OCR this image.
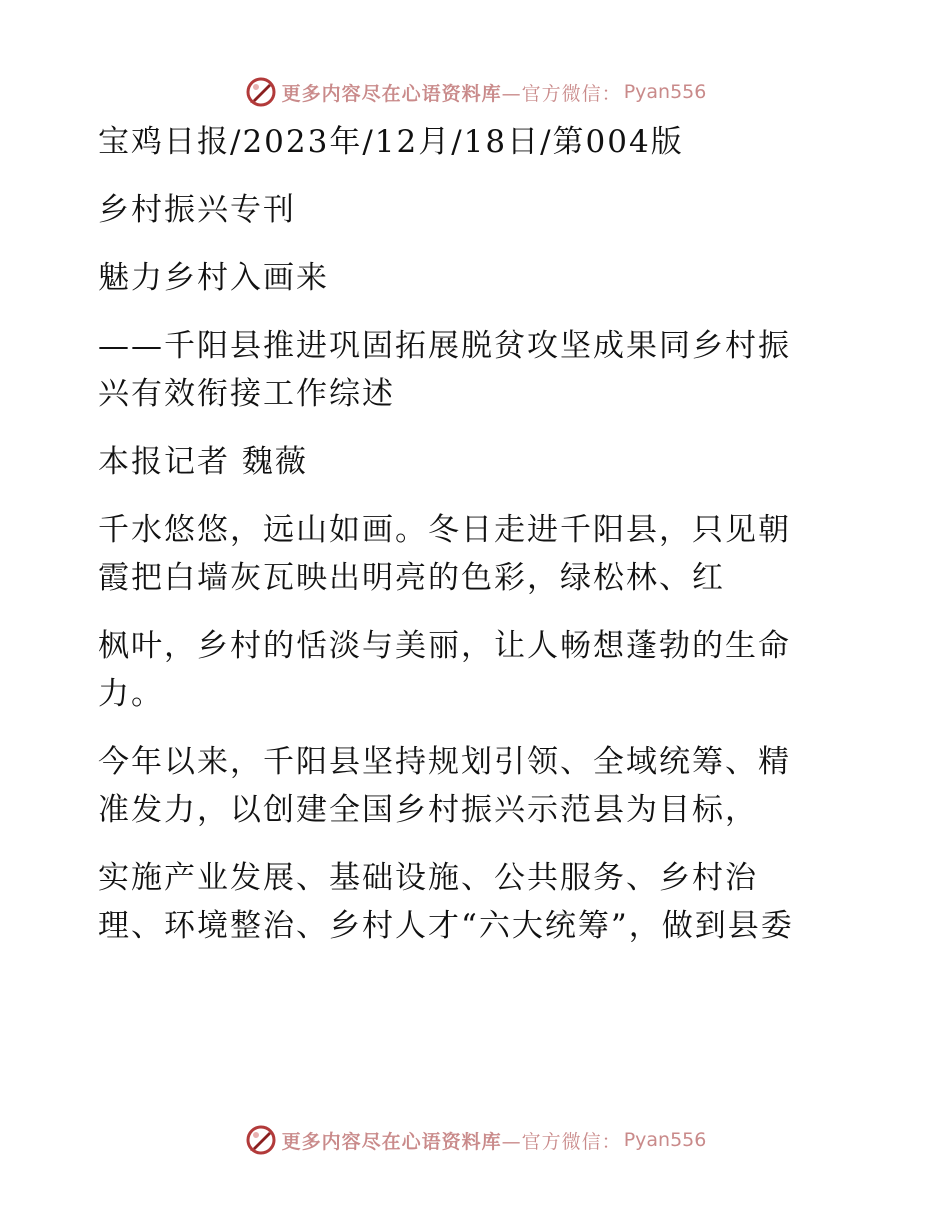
更多内容尽在心语资料库 —官方微信： Pyan556

宝鸡日报/2023年/12月/18日/第004版

乡村振兴专刊

魅力乡村入画来

——千阳县推进巩固拓展脱贫攻坚成果同乡村振

兴有效衔接工作综述

本报记者 魏薇

千水悠悠，远山如画。冬日走进千阳县，只见朝

霞把白墙灰瓦映出明亮的色彩，绿松林、红

枫叶，乡村的恬淡与美丽，让人畅想蓬勃的生命

力。

今年以来，千阳县坚持规划引领、全域统筹、精

准发力，以创建全国乡村振兴示范县为目标，

实施产业发展、基础设施、公共服务、乡村治

理、环境整治、乡村人才“六大统筹”，做到县委

更多内容尽在心语资料库 —官方微信： Pyan556
